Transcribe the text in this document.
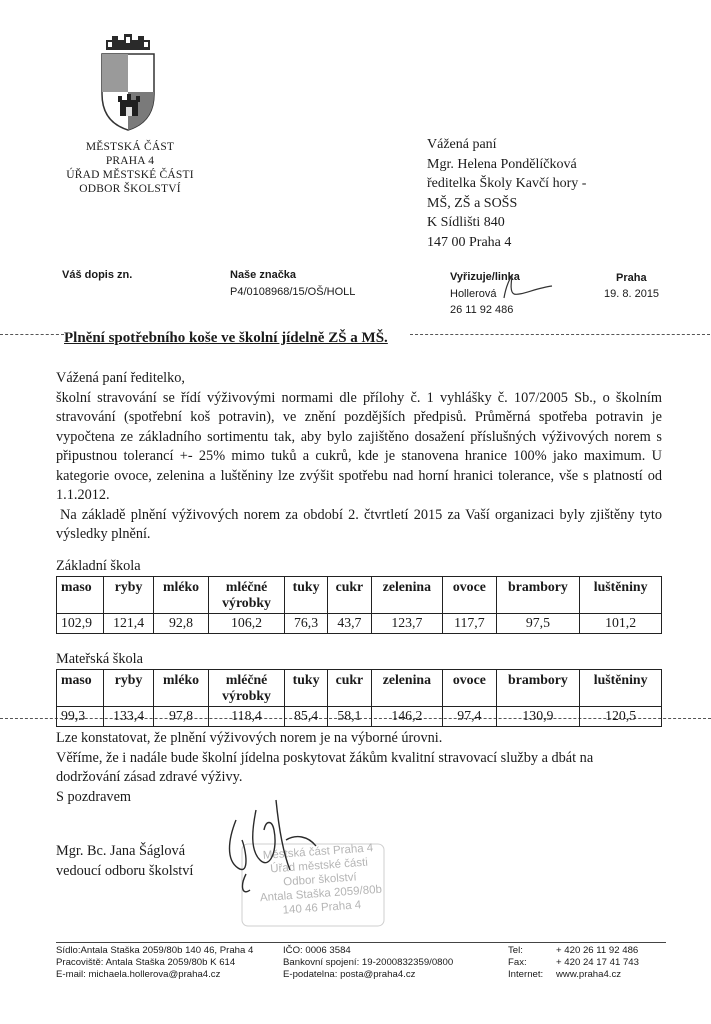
MĚSTSKÁ ČÁST
PRAHA 4
ÚŘAD MĚSTSKÉ ČÁSTI
ODBOR ŠKOLSTVÍ
Vážená paní
Mgr. Helena Pondělíčková
ředitelka Školy Kavčí hory -
MŠ, ZŠ a SOŠS
K Sídlišti 840
147 00 Praha 4
Váš dopis zn.	Naše značka
P4/0108968/15/OŠ/HOLL
Vyřizuje/linka
Hollerová
26 11 92 486
Praha
19. 8. 2015
Plnění spotřebního koše ve školní jídelně ZŠ a MŠ.

Vážená paní ředitelko,

školní stravování se řídí výživovými normami dle přílohy č. 1 vyhlášky č. 107/2005 Sb., o školním stravování (spotřební koš potravin), ve znění pozdějších předpisů. Průměrná spotřeba potravin je vypočtena ze základního sortimentu tak, aby bylo zajištěno dosažení příslušných výživových norem s připustnou tolerancí +- 25% mimo tuků a cukrů, kde je stanovena hranice 100% jako maximum. U kategorie ovoce, zelenina a luštěniny lze zvýšit spotřebu nad horní hranici tolerance, vše s platností od 1.1.2012.

Na základě plnění výživových norem za období 2. čtvrtletí 2015 za Vaší organizaci byly zjištěny tyto výsledky plnění.

Základní škola
maso	ryby	mléko	mléčné výrobky	tuky	cukr	zelenina	ovoce	brambory	luštěniny
102,9	121,4	92,8	106,2	76,3	43,7	123,7	117,7	97,5	101,2
Mateřská škola
maso	ryby	mléko	mléčné výrobky	tuky	cukr	zelenina	ovoce	brambory	luštěniny
99,3	133,4	97,8	118,4	85,4	58,1	146,2	97,4	130,9	120,5
Lze konstatovat, že plnění výživových norem je na výborné úrovni.
Věříme, že i nadále bude školní jídelna poskytovat žákům kvalitní stravovací služby a dbát na
dodržování zásad zdravé výživy.
S pozdravem
Městská část Praha 4
Úřad městské části
Odbor školství
Antala Staška 2059/80b
140 46 Praha 4
Mgr. Bc. Jana Šáglová
vedoucí odboru školství
Sídlo:Antala Staška 2059/80b 140 46, Praha 4
Pracoviště: Antala Staška 2059/80b K 614
E-mail: michaela.hollerova@praha4.cz
IČO: 0006 3584
Bankovní spojení: 19-2000832359/0800
E-podatelna: posta@praha4.cz
Tel:	+ 420 26 11 92 486
Fax:	+ 420 24 17 41 743
Internet: www.praha4.cz
